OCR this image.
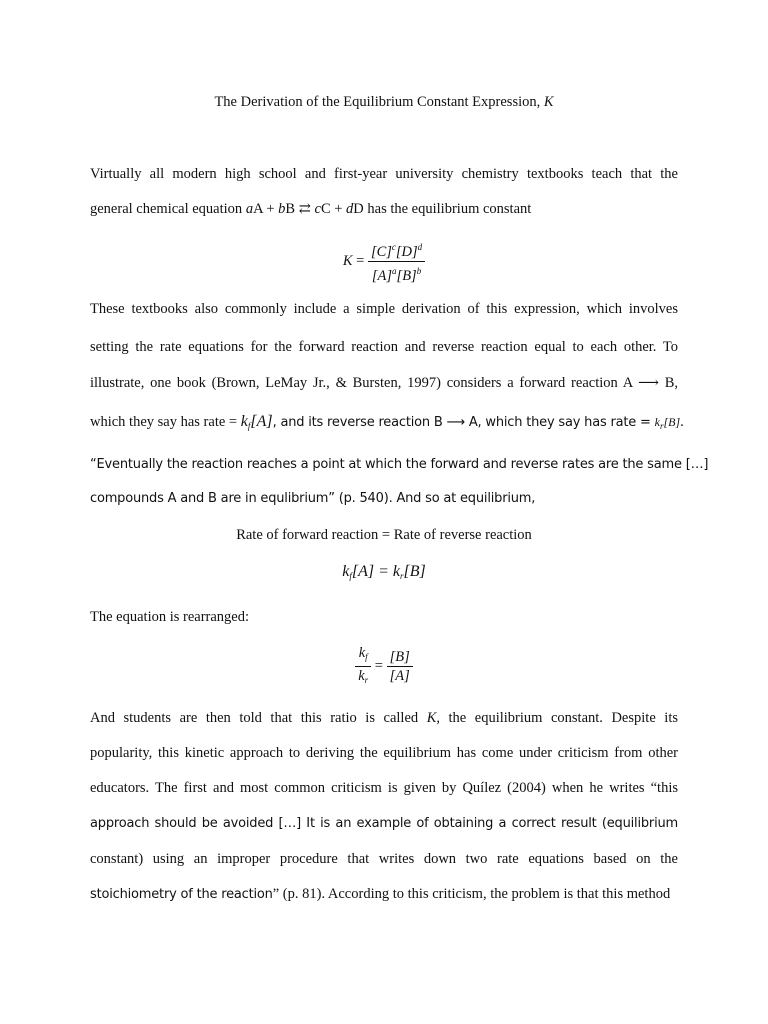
The Derivation of the Equilibrium Constant Expression, K
Virtually all modern high school and first-year university chemistry textbooks teach that the
general chemical equation aA + bB ⇄ cC + dD has the equilibrium constant
$K = \frac{[C]^c[D]^d}{[A]^a[B]^b}$
These textbooks also commonly include a simple derivation of this expression, which involves
setting the rate equations for the forward reaction and reverse reaction equal to each other. To
illustrate, one book (Brown, LeMay Jr., & Bursten, 1997) considers a forward reaction A ⟶ B,
which they say has rate = $k_f[A]$, and its reverse reaction B ⟶ A, which they say has rate = $k_r[B]$.
“Eventually the reaction reaches a point at which the forward and reverse rates are the same […]
compounds A and B are in equlibrium” (p. 540). And so at equilibrium,
Rate of forward reaction = Rate of reverse reaction
$k_f[A] = k_r[B]$
The equation is rearranged:
$\frac{k_f}{k_r} = \frac{[B]}{[A]}$
And students are then told that this ratio is called K, the equilibrium constant. Despite its
popularity, this kinetic approach to deriving the equilibrium has come under criticism from other
educators. The first and most common criticism is given by Quílez (2004) when he writes “this
approach should be avoided […] It is an example of obtaining a correct result (equilibrium
constant) using an improper procedure that writes down two rate equations based on the
stoichiometry of the reaction” (p. 81). According to this criticism, the problem is that this method
